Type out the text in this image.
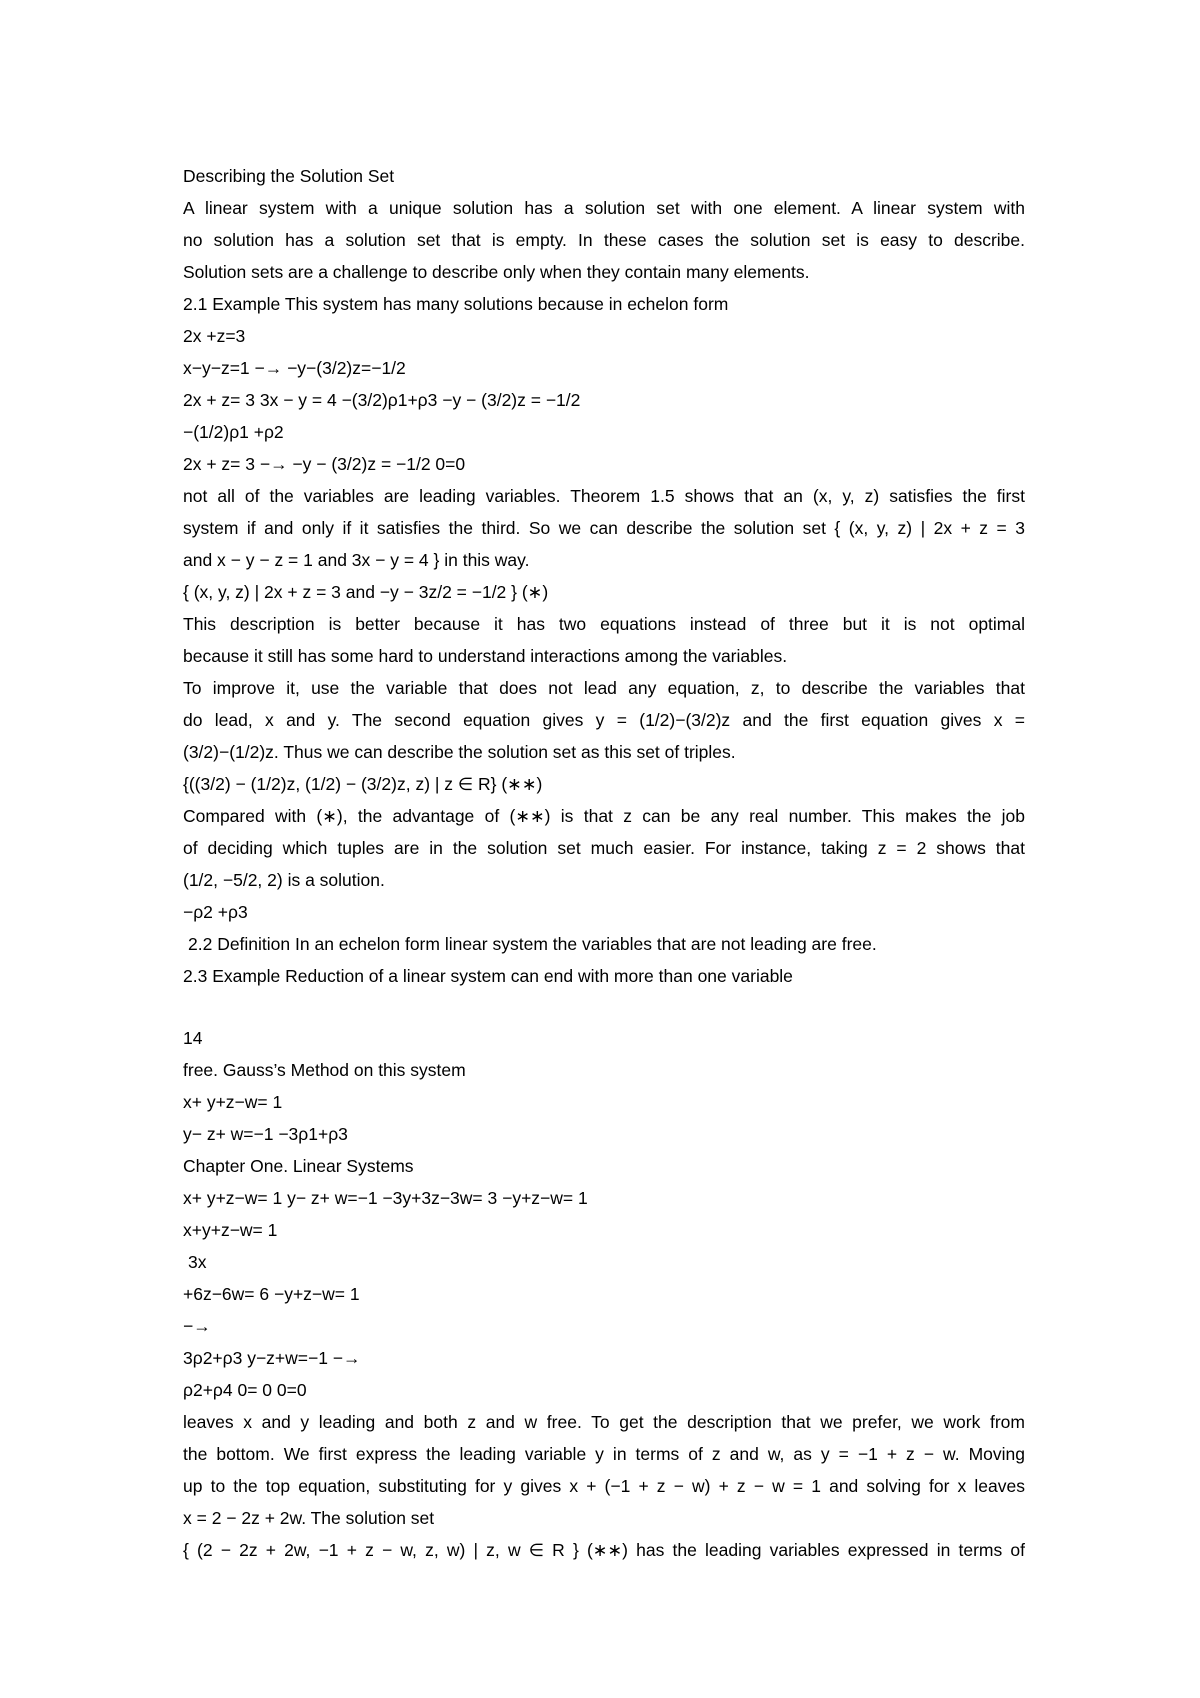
Describing the Solution Set
A linear system with a unique solution has a solution set with one element. A linear system with
no solution has a solution set that is empty. In these cases the solution set is easy to describe.
Solution sets are a challenge to describe only when they contain many elements.
2.1 Example This system has many solutions because in echelon form
2x +z=3
x−y−z=1 −→ −y−(3/2)z=−1/2
2x + z= 3 3x − y = 4 −(3/2)ρ1+ρ3 −y − (3/2)z = −1/2
−(1/2)ρ1 +ρ2
2x + z= 3 −→ −y − (3/2)z = −1/2 0=0
not all of the variables are leading variables. Theorem 1.5 shows that an (x, y, z) satisfies the first
system if and only if it satisfies the third. So we can describe the solution set { (x, y, z) | 2x + z = 3
and x − y − z = 1 and 3x − y = 4 } in this way.
{ (x, y, z) | 2x + z = 3 and −y − 3z/2 = −1/2 } (∗)
This description is better because it has two equations instead of three but it is not optimal
because it still has some hard to understand interactions among the variables.
To improve it, use the variable that does not lead any equation, z, to describe the variables that
do lead, x and y. The second equation gives y = (1/2)−(3/2)z and the first equation gives x =
(3/2)−(1/2)z. Thus we can describe the solution set as this set of triples.
{((3/2) − (1/2)z, (1/2) − (3/2)z, z) | z ∈ R} (∗∗)
Compared with (∗), the advantage of (∗∗) is that z can be any real number. This makes the job
of deciding which tuples are in the solution set much easier. For instance, taking z = 2 shows that
(1/2, −5/2, 2) is a solution.
−ρ2 +ρ3
2.2 Definition In an echelon form linear system the variables that are not leading are free.
2.3 Example Reduction of a linear system can end with more than one variable
14
free. Gauss’s Method on this system
x+ y+z−w= 1
y− z+ w=−1 −3ρ1+ρ3
Chapter One. Linear Systems
x+ y+z−w= 1 y− z+ w=−1 −3y+3z−3w= 3 −y+z−w= 1
x+y+z−w= 1
3x
+6z−6w= 6 −y+z−w= 1
−→
3ρ2+ρ3 y−z+w=−1 −→
ρ2+ρ4 0= 0 0=0
leaves x and y leading and both z and w free. To get the description that we prefer, we work from
the bottom. We first express the leading variable y in terms of z and w, as y = −1 + z − w. Moving
up to the top equation, substituting for y gives x + (−1 + z − w) + z − w = 1 and solving for x leaves
x = 2 − 2z + 2w. The solution set
{ (2 − 2z + 2w, −1 + z − w, z, w) | z, w ∈ R } (∗∗) has the leading variables expressed in terms of
